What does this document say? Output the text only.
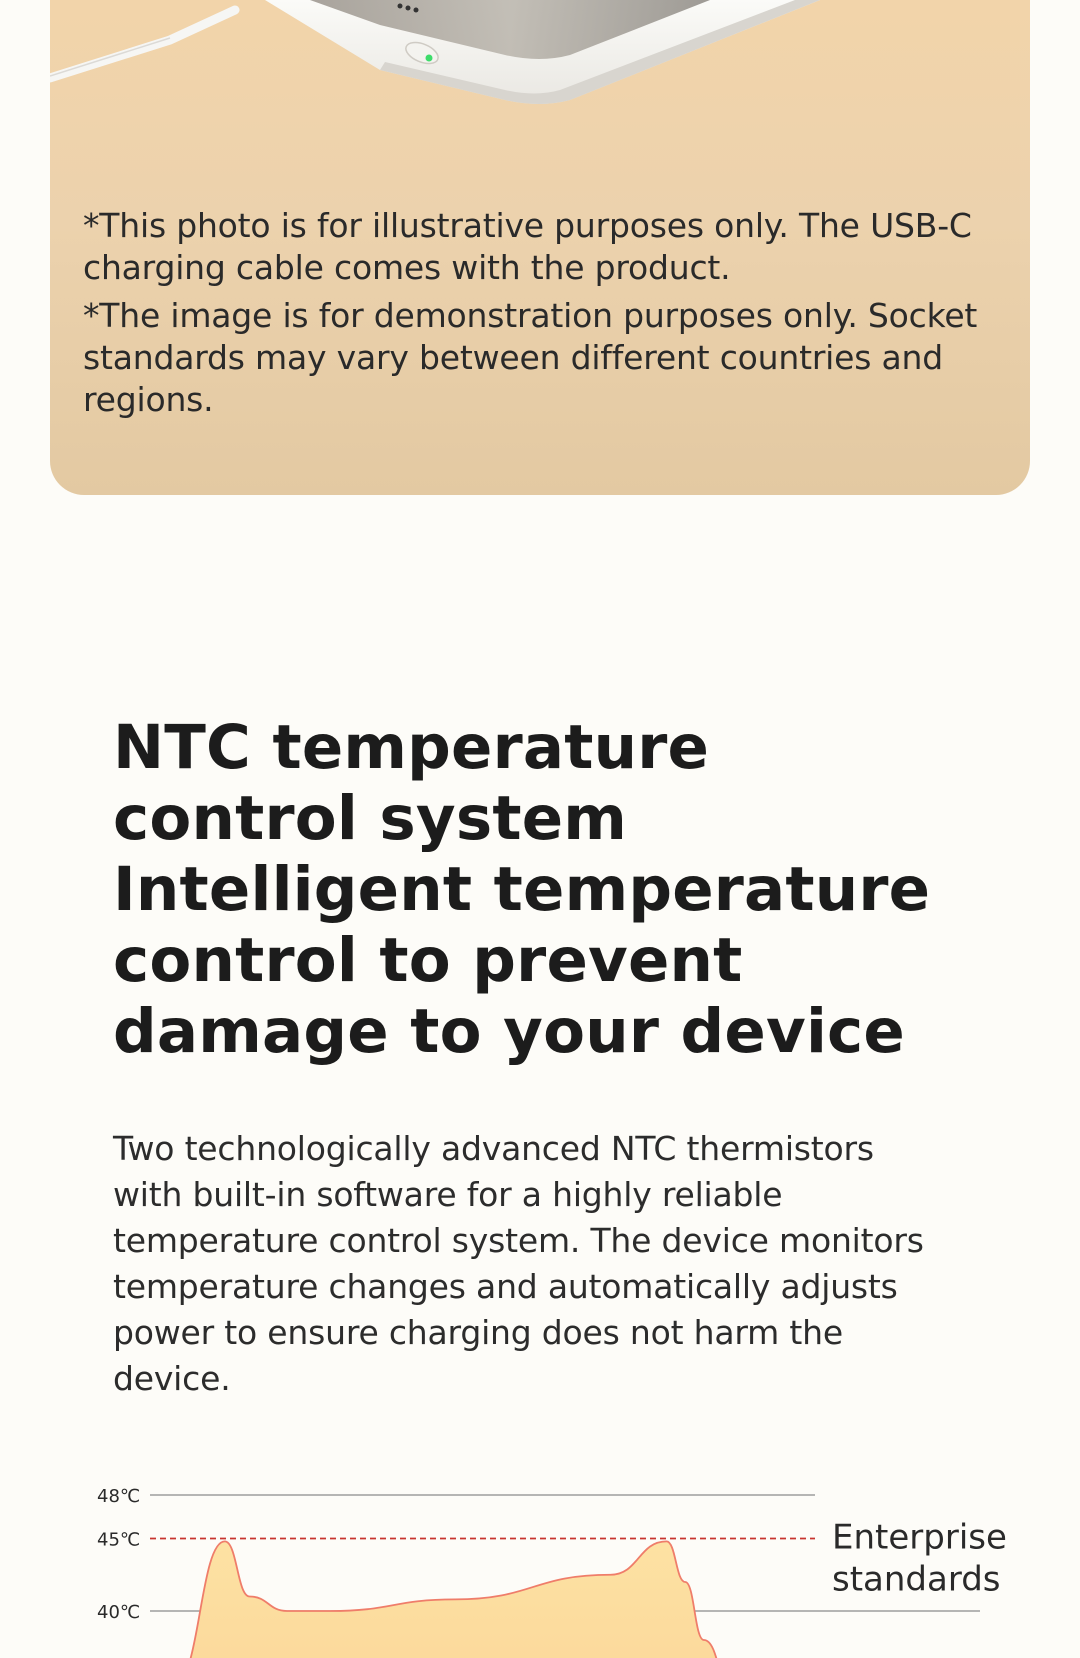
*This photo is for illustrative purposes only. The USB-C charging cable comes with the product.

*The image is for demonstration purposes only. Socket standards may vary between different countries and regions.

NTC temperature control system Intelligent temperature control to prevent damage to your device

Two technologically advanced NTC thermistors with built-in software for a highly reliable temperature control system. The device monitors temperature changes and automatically adjusts power to ensure charging does not harm the device.

48℃
45℃
40℃
Enterprise
standards
